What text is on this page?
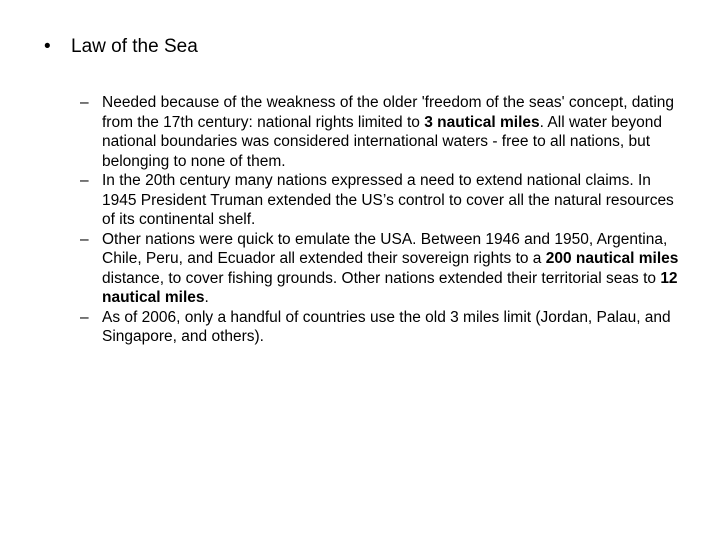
• Law of the Sea
– Needed because of the weakness of the older 'freedom of the seas' concept, dating from the 17th century: national rights limited to 3 nautical miles. All water beyond national boundaries was considered international waters - free to all nations, but belonging to none of them.
– In the 20th century many nations expressed a need to extend national claims. In 1945 President Truman extended the US’s control to cover all the natural resources of its continental shelf.
– Other nations were quick to emulate the USA. Between 1946 and 1950, Argentina, Chile, Peru, and Ecuador all extended their sovereign rights to a 200 nautical miles distance, to cover fishing grounds. Other nations extended their territorial seas to 12 nautical miles.
– As of 2006, only a handful of countries use the old 3 miles limit (Jordan, Palau, and Singapore, and others).
